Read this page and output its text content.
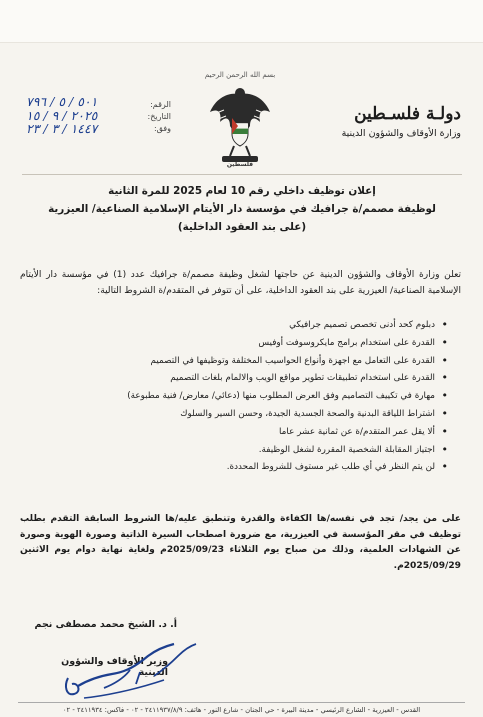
دولـة فلسـطين
وزارة الأوقاف والشؤون الدينية
بسم الله الرحمن الرحيم
فلسطين
الرقم:
التاريخ:
وفق:
٥٠١ / ٥ / ٧٩٦
٢٠٢٥ / ٩ / ١٥
١٤٤٧ / ٣ / ٢٣
إعلان توظيف داخلي رقم 10 لعام 2025 للمرة الثانية
لوظيفة مصمم/ة جرافيك في مؤسسة دار الأيتام الإسلامية الصناعية/ العيزرية
(على بند العقود الداخلية)
تعلن وزارة الأوقاف والشؤون الدينية عن حاجتها لشغل وظيفة مصمم/ة جرافيك عدد (1) في مؤسسة دار الأيتام الإسلامية الصناعية/ العيزرية على بند العقود الداخلية، على أن تتوفر في المتقدم/ة الشروط التالية:
• دبلوم كحد أدنى تخصص تصميم جرافيكي
• القدرة على استخدام برامج مايكروسوفت أوفيس
• القدرة على التعامل مع اجهزة وأنواع الحواسيب المختلفة وتوظيفها في التصميم
• القدرة على استخدام تطبيقات تطوير مواقع الويب والالمام بلغات التصميم
• مهارة في تكييف التصاميم وفق العرض المطلوب منها (دعائي/ معارض/ فنية مطبوعة)
• اشتراط اللياقة البدنية والصحة الجسدية الجيدة، وحسن السير والسلوك
• ألا يقل عمر المتقدم/ة عن ثمانية عشر عاما
• اجتياز المقابلة الشخصية المقررة لشغل الوظيفة.
• لن يتم النظر في أي طلب غير مستوف للشروط المحددة.
على من يجد/ تجد في نفسه/ها الكفاءة والقدرة وتنطبق عليه/ها الشروط السابقة التقدم بطلب توظيف في مقر المؤسسة في العيزرية، مع ضرورة اصطحاب السيرة الذاتية وصورة الهوية وصورة عن الشهادات العلمية، وذلك من صباح يوم الثلاثاء 2025/09/23م ولغاية نهاية دوام يوم الاثنين 2025/09/29م.
أ. د. الشيخ محمد مصطفى نجم
وزير الأوقاف والشؤون الدينية
القدس - العيزرية - الشارع الرئيسي - مدينة البيرة - حي الجنان - شارع النور - هاتف: ٢٤١١٩٣٧/٨/٩ - ٠٢ - فاكس: ٢٤١١٩٣٤ - ٠٢
